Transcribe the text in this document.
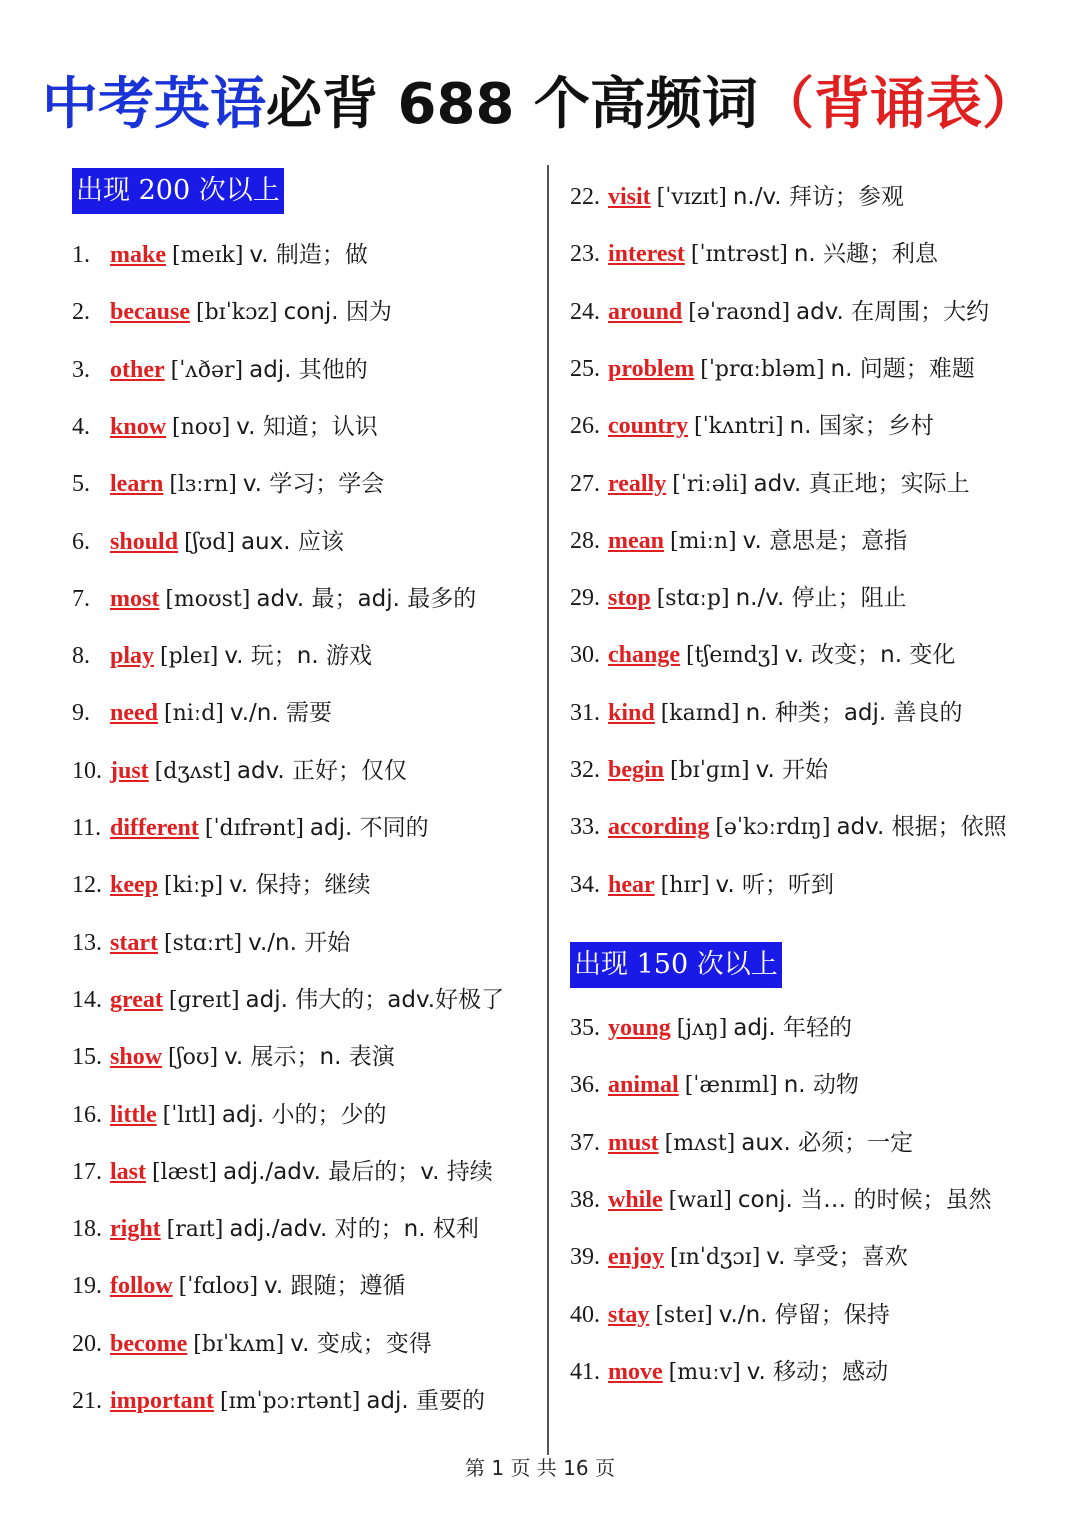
中考英语必背 688 个高频词（背诵表）
出现 200 次以上
1. make [meɪk] v. 制造；做
2. because [bɪˈkɔz] conj. 因为
3. other [ˈʌðər] adj. 其他的
4. know [noʊ] v. 知道；认识
5. learn [lɜːrn] v. 学习；学会
6. should [ʃʊd] aux. 应该
7. most [moʊst] adv. 最；adj. 最多的
8. play [pleɪ] v. 玩；n. 游戏
9. need [niːd] v./n. 需要
10. just [dʒʌst] adv. 正好；仅仅
11. different [ˈdɪfrənt] adj. 不同的
12. keep [kiːp] v. 保持；继续
13. start [stɑːrt] v./n. 开始
14. great [ɡreɪt] adj. 伟大的；adv.好极了
15. show [ʃoʊ] v. 展示；n. 表演
16. little [ˈlɪtl] adj. 小的；少的
17. last [læst] adj./adv. 最后的；v. 持续
18. right [raɪt] adj./adv. 对的；n. 权利
19. follow [ˈfɑloʊ] v. 跟随；遵循
20. become [bɪˈkʌm] v. 变成；变得
21. important [ɪmˈpɔːrtənt] adj. 重要的
22. visit [ˈvɪzɪt] n./v. 拜访；参观
23. interest [ˈɪntrəst] n. 兴趣；利息
24. around [əˈraʊnd] adv. 在周围；大约
25. problem [ˈprɑːbləm] n. 问题；难题
26. country [ˈkʌntri] n. 国家；乡村
27. really [ˈriːəli] adv. 真正地；实际上
28. mean [miːn] v. 意思是；意指
29. stop [stɑːp] n./v. 停止；阻止
30. change [tʃeɪndʒ] v. 改变；n. 变化
31. kind [kaɪnd] n. 种类；adj. 善良的
32. begin [bɪˈɡɪn] v. 开始
33. according [əˈkɔːrdɪŋ] adv. 根据；依照
34. hear [hɪr] v. 听；听到
出现 150 次以上
35. young [jʌŋ] adj. 年轻的
36. animal [ˈænɪml] n. 动物
37. must [mʌst] aux. 必须；一定
38. while [waɪl] conj. 当… 的时候；虽然
39. enjoy [ɪnˈdʒɔɪ] v. 享受；喜欢
40. stay [steɪ] v./n. 停留；保持
41. move [muːv] v. 移动；感动
第 1 页 共 16 页
